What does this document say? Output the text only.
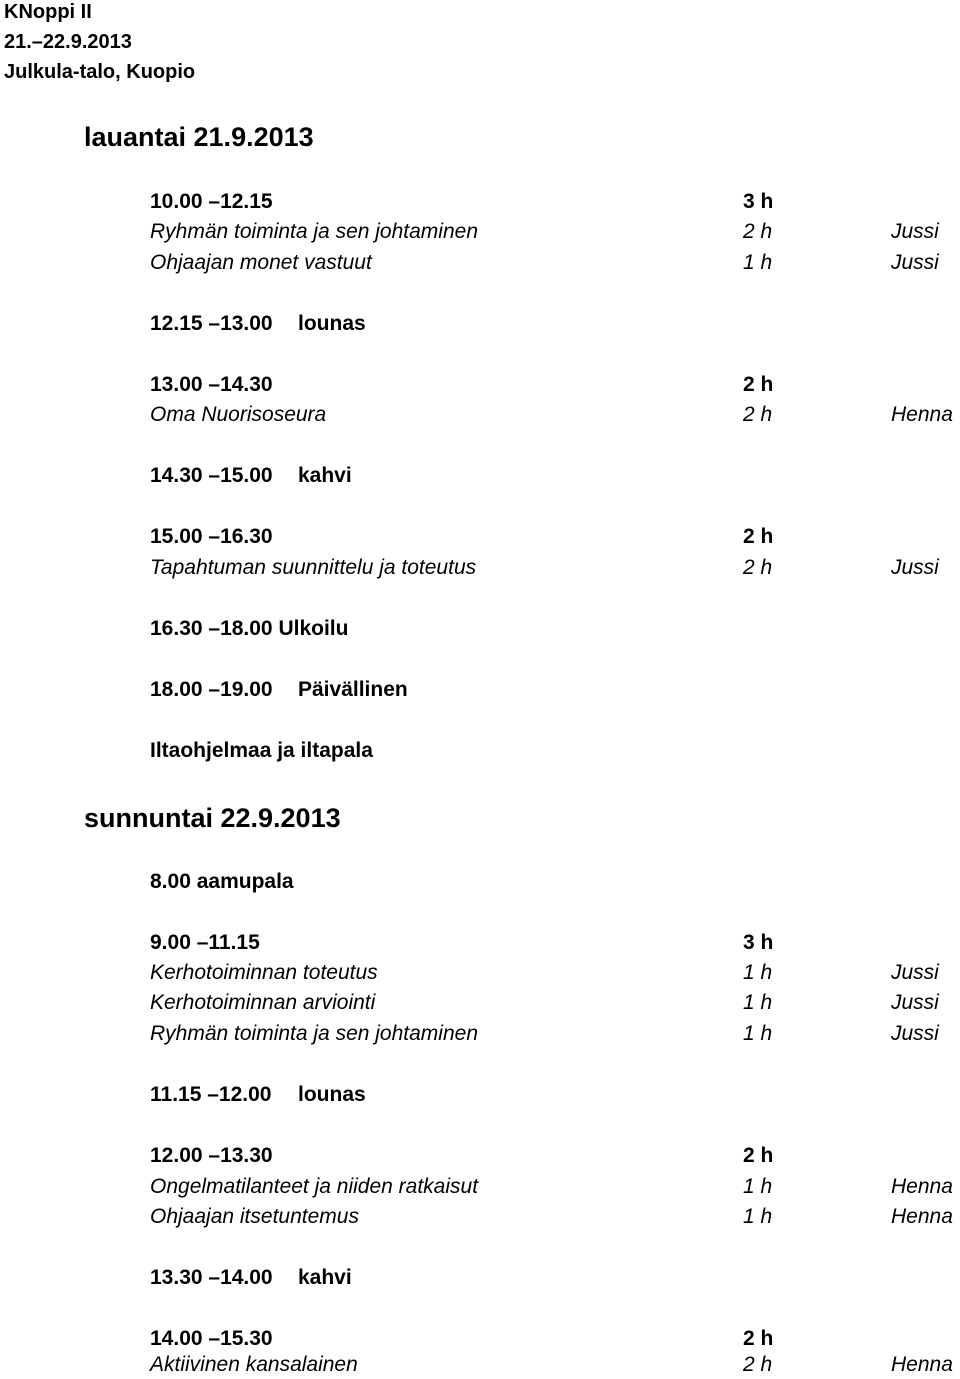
KNoppi II
21.–22.9.2013
Julkula-talo, Kuopio
lauantai 21.9.2013
10.00 –12.15	3 h
Ryhmän toiminta ja sen johtaminen	2 h	Jussi
Ohjaajan monet vastuut	1 h	Jussi
12.15 –13.00 lounas
13.00 –14.30	2 h
Oma Nuorisoseura	2 h	Henna
14.30 –15.00 kahvi
15.00 –16.30	2 h
Tapahtuman suunnittelu ja toteutus	2 h	Jussi
16.30 –18.00 Ulkoilu
18.00 –19.00 Päivällinen
Iltaohjelmaa ja iltapala
sunnuntai 22.9.2013
8.00 aamupala
9.00 –11.15	3 h
Kerhotoiminnan toteutus	1 h	Jussi
Kerhotoiminnan arviointi	1 h	Jussi
Ryhmän toiminta ja sen johtaminen	1 h	Jussi
11.15 –12.00 lounas
12.00 –13.30	2 h
Ongelmatilanteet ja niiden ratkaisut	1 h	Henna
Ohjaajan itsetuntemus	1 h	Henna
13.30 –14.00 kahvi
14.00 –15.30	2 h
Aktiivinen kansalainen	2 h	Henna
